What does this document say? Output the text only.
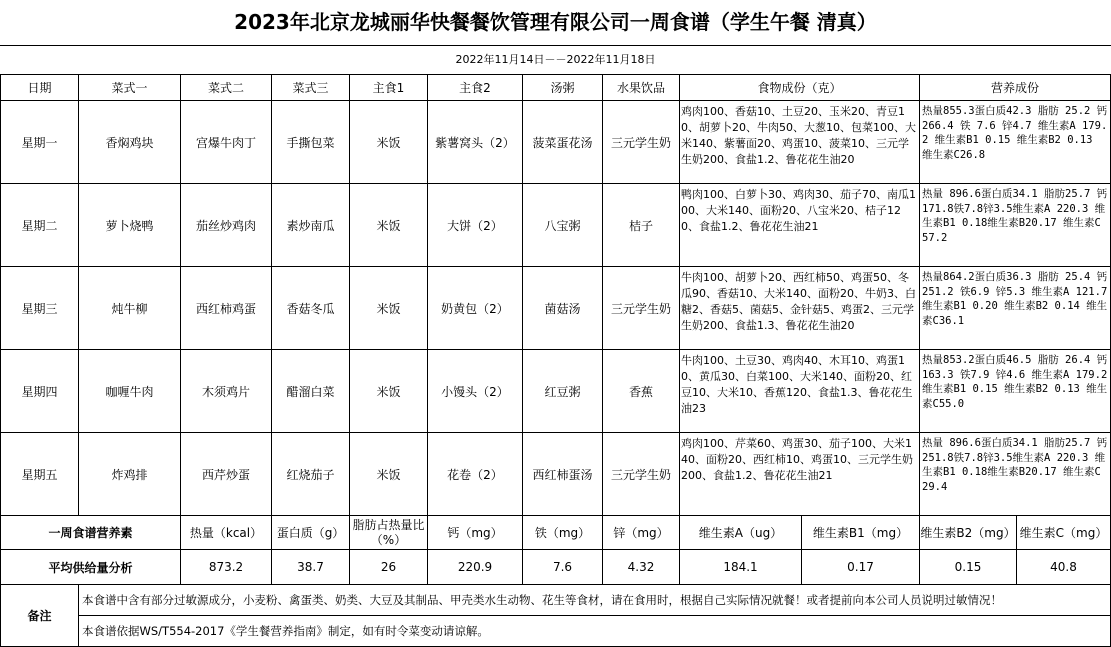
2023年北京龙城丽华快餐餐饮管理有限公司一周食谱（学生午餐 清真）
2022年11月14日－－2022年11月18日
日期	菜式一	菜式二	菜式三	主食1	主食2	汤粥	水果饮品	食物成份（克）		营养成份	
星期一	香焖鸡块	宫爆牛肉丁	手撕包菜	米饭	紫薯窝头（2）	菠菜蛋花汤	三元学生奶	鸡肉100、香菇10、土豆20、玉米20、青豆10、胡萝卜20、牛肉50、大葱10、包菜100、大米140、紫薯面20、鸡蛋10、菠菜10、三元学生奶200、食盐1.2、鲁花花生油20		热量855.3蛋白质42.3 脂肪 25.2 钙 266.4 铁 7.6 锌4.7 维生素A 179.2 维生素B1 0.15 维生素B2 0.13 维生素C26.8	
星期二	萝卜烧鸭	茄丝炒鸡肉	素炒南瓜	米饭	大饼（2）	八宝粥	桔子	鸭肉100、白萝卜30、鸡肉30、茄子70、南瓜100、大米140、面粉20、八宝米20、桔子120、食盐1.2、鲁花花生油21		热量 896.6蛋白质34.1 脂肪25.7 钙171.8铁7.8锌3.5维生素A 220.3 维生素B1 0.18维生素B20.17 维生素C 57.2	
星期三	炖牛柳	西红柿鸡蛋	香菇冬瓜	米饭	奶黄包（2）	菌菇汤	三元学生奶	牛肉100、胡萝卜20、西红柿50、鸡蛋50、冬瓜90、香菇10、大米140、面粉20、牛奶3、白糖2、香菇5、菌菇5、金针菇5、鸡蛋2、三元学生奶200、食盐1.3、鲁花花生油20		热量864.2蛋白质36.3 脂肪 25.4 钙 251.2 铁6.9 锌5.3 维生素A 121.7 维生素B1 0.20 维生素B2 0.14 维生素C36.1	
星期四	咖喱牛肉	木须鸡片	醋溜白菜	米饭	小馒头（2）	红豆粥	香蕉	牛肉100、土豆30、鸡肉40、木耳10、鸡蛋10、黄瓜30、白菜100、大米140、面粉20、红豆10、大米10、香蕉120、食盐1.3、鲁花花生油23		热量853.2蛋白质46.5 脂肪 26.4 钙 163.3 铁7.9 锌4.6 维生素A 179.2 维生素B1 0.15 维生素B2 0.13 维生素C55.0	
星期五	炸鸡排	西芹炒蛋	红烧茄子	米饭	花卷（2）	西红柿蛋汤	三元学生奶	鸡肉100、芹菜60、鸡蛋30、茄子100、大米140、面粉20、西红柿10、鸡蛋10、三元学生奶200、食盐1.2、鲁花花生油21		热量 896.6蛋白质34.1 脂肪25.7 钙251.8铁7.8锌3.5维生素A 220.3 维生素B1 0.18维生素B20.17 维生素C 29.4	
一周食谱营养素		热量（kcal）	蛋白质（g）	脂肪占热量比（%）	钙（mg）	铁（mg）	锌（mg）	维生素A（ug）	维生素B1（mg）	维生素B2（mg）	维生素C（mg）
平均供给量分析		873.2	38.7	26	220.9	7.6	4.32	184.1	0.17	0.15	40.8
备注	本食谱中含有部分过敏源成分，小麦粉、禽蛋类、奶类、大豆及其制品、甲壳类水生动物、花生等食材，请在食用时，根据自己实际情况就餐！或者提前向本公司人员说明过敏情况！										
	本食谱依据WS/T554-2017《学生餐营养指南》制定，如有时令菜变动请谅解。										
